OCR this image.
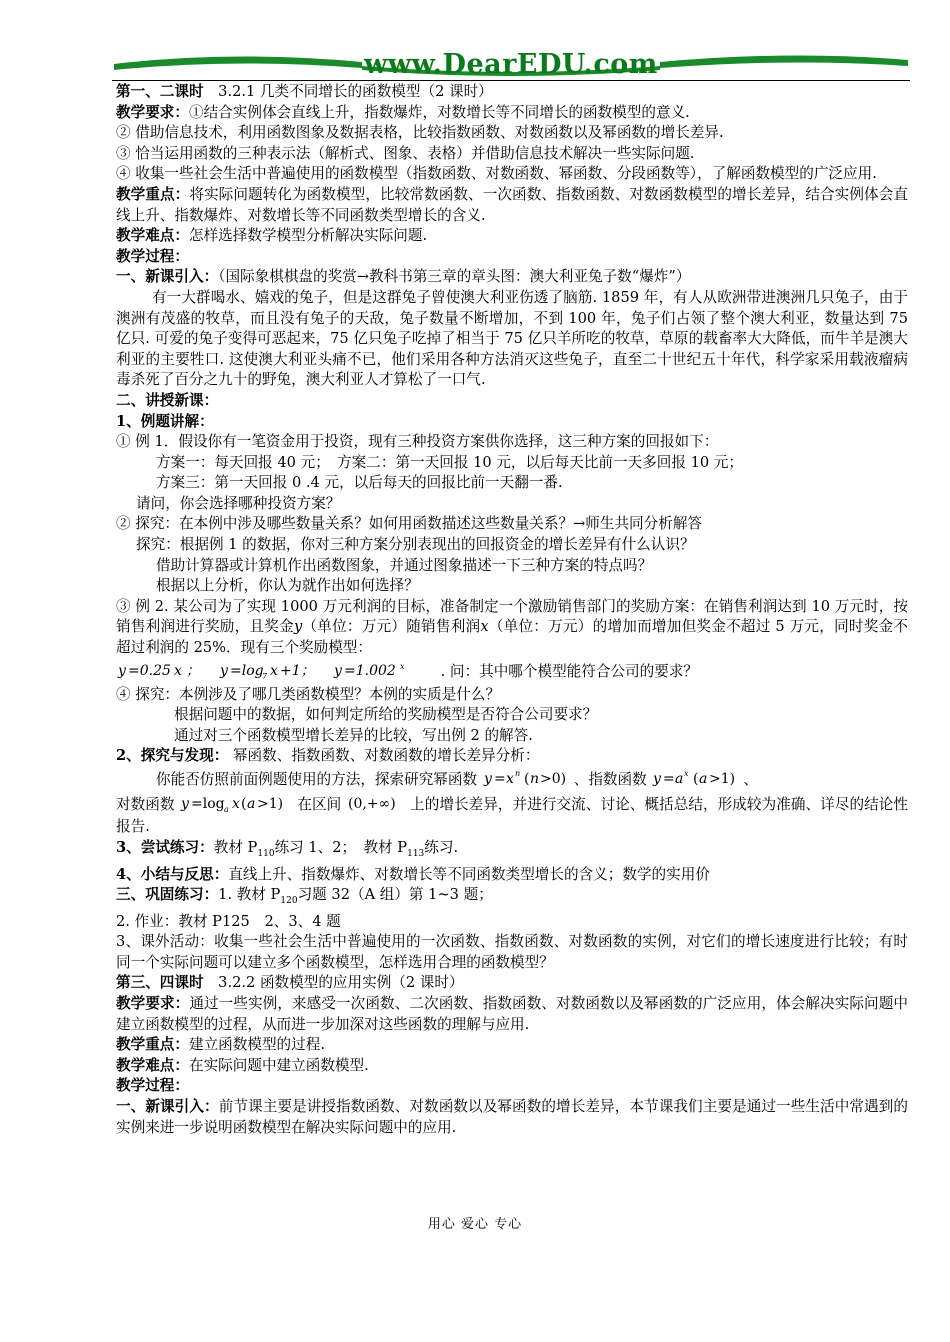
www.DearEDU.com

第一、二课时　3.2.1 几类不同增长的函数模型（2 课时）

教学要求：①结合实例体会直线上升，指数爆炸，对数增长等不同增长的函数模型的意义.

② 借助信息技术，利用函数图象及数据表格，比较指数函数、对数函数以及幂函数的增长差异.

③ 恰当运用函数的三种表示法（解析式、图象、表格）并借助信息技术解决一些实际问题.

④ 收集一些社会生活中普遍使用的函数模型（指数函数、对数函数、幂函数、分段函数等），了解函数模型的广泛应用.

教学重点：将实际问题转化为函数模型，比较常数函数、一次函数、指数函数、对数函数模型的增长差异，结合实例体会直线上升、指数爆炸、对数增长等不同函数类型增长的含义.

教学难点：怎样选择数学模型分析解决实际问题.

教学过程：

一、新课引入：（国际象棋棋盘的奖赏→教科书第三章的章头图：澳大利亚兔子数“爆炸”）

有一大群喝水、嬉戏的兔子，但是这群兔子曾使澳大利亚伤透了脑筋. 1859 年，有人从欧洲带进澳洲几只兔子，由于澳洲有茂盛的牧草，而且没有兔子的天敌，兔子数量不断增加，不到 100 年，兔子们占领了整个澳大利亚，数量达到 75 亿只. 可爱的兔子变得可恶起来，75 亿只兔子吃掉了相当于 75 亿只羊所吃的牧草，草原的载畜率大大降低，而牛羊是澳大利亚的主要牲口. 这使澳大利亚头痛不已，他们采用各种方法消灭这些兔子，直至二十世纪五十年代，科学家采用载液瘤病毒杀死了百分之九十的野兔，澳大利亚人才算松了一口气.

二、讲授新课：

1、例题讲解：

① 例 1．假设你有一笔资金用于投资，现有三种投资方案供你选择，这三种方案的回报如下：

方案一：每天回报 40 元；　方案二：第一天回报 10 元，以后每天比前一天多回报 10 元；

方案三：第一天回报 0 .4 元，以后每天的回报比前一天翻一番.

请问，你会选择哪种投资方案？

② 探究：在本例中涉及哪些数量关系？如何用函数描述这些数量关系？→师生共同分析解答

探究：根据例 1 的数据，你对三种方案分别表现出的回报资金的增长差异有什么认识？

借助计算器或计算机作出函数图象，并通过图象描述一下三种方案的特点吗？

根据以上分析，你认为就作出如何选择？

③ 例 2. 某公司为了实现 1000 万元利润的目标，准备制定一个激励销售部门的奖励方案：在销售利润达到 10 万元时，按销售利润进行奖励，且奖金y（单位：万元）随销售利润x（单位：万元）的增加而增加但奖金不超过 5 万元，同时奖金不超过利润的 25%．现有三个奖励模型：

y =0.25 x ； y =log
7 x +1； y =1.002 x . 问：其中哪个模型能符合公司的要求？

④ 探究：本例涉及了哪几类函数模型？本例的实质是什么？

根据问题中的数据，如何判定所给的奖励模型是否符合公司要求？

通过对三个函数模型增长差异的比较，写出例 2 的解答.

2、探究与发现： 幂函数、指数函数、对数函数的增长差异分析：

你能否仿照前面例题使用的方法，探索研究幂函数 y = x n ( n >0) 、指数函数 y = a x ( a >1) 、

对数函数 y =log a x ( a >1) 在区间 (0,+∞) 上的增长差异，并进行交流、讨论、概括总结，形成较为准确、详尽的结论性报告.

3、尝试练习：教材 $P_{110}$练习 1、2；　教材 $P_{113}$练习.

4、小结与反思：直线上升、指数爆炸、对数增长等不同函数类型增长的含义；数学的实用价

三、巩固练习：1. 教材 $P_{120}$习题 32（A 组）第 1~3 题；

2. 作业：教材 P125　2、3、4 题

3、课外活动：收集一些社会生活中普遍使用的一次函数、指数函数、对数函数的实例，对它们的增长速度进行比较；有时同一个实际问题可以建立多个函数模型，怎样选用合理的函数模型？

第三、四课时　3.2.2 函数模型的应用实例（2 课时）

教学要求：通过一些实例，来感受一次函数、二次函数、指数函数、对数函数以及幂函数的广泛应用，体会解决实际问题中建立函数模型的过程，从而进一步加深对这些函数的理解与应用.

教学重点：建立函数模型的过程.

教学难点：在实际问题中建立函数模型.

教学过程：

一、新课引入：前节课主要是讲授指数函数、对数函数以及幂函数的增长差异，本节课我们主要是通过一些生活中常遇到的实例来进一步说明函数模型在解决实际问题中的应用.

用心 爱心 专心
